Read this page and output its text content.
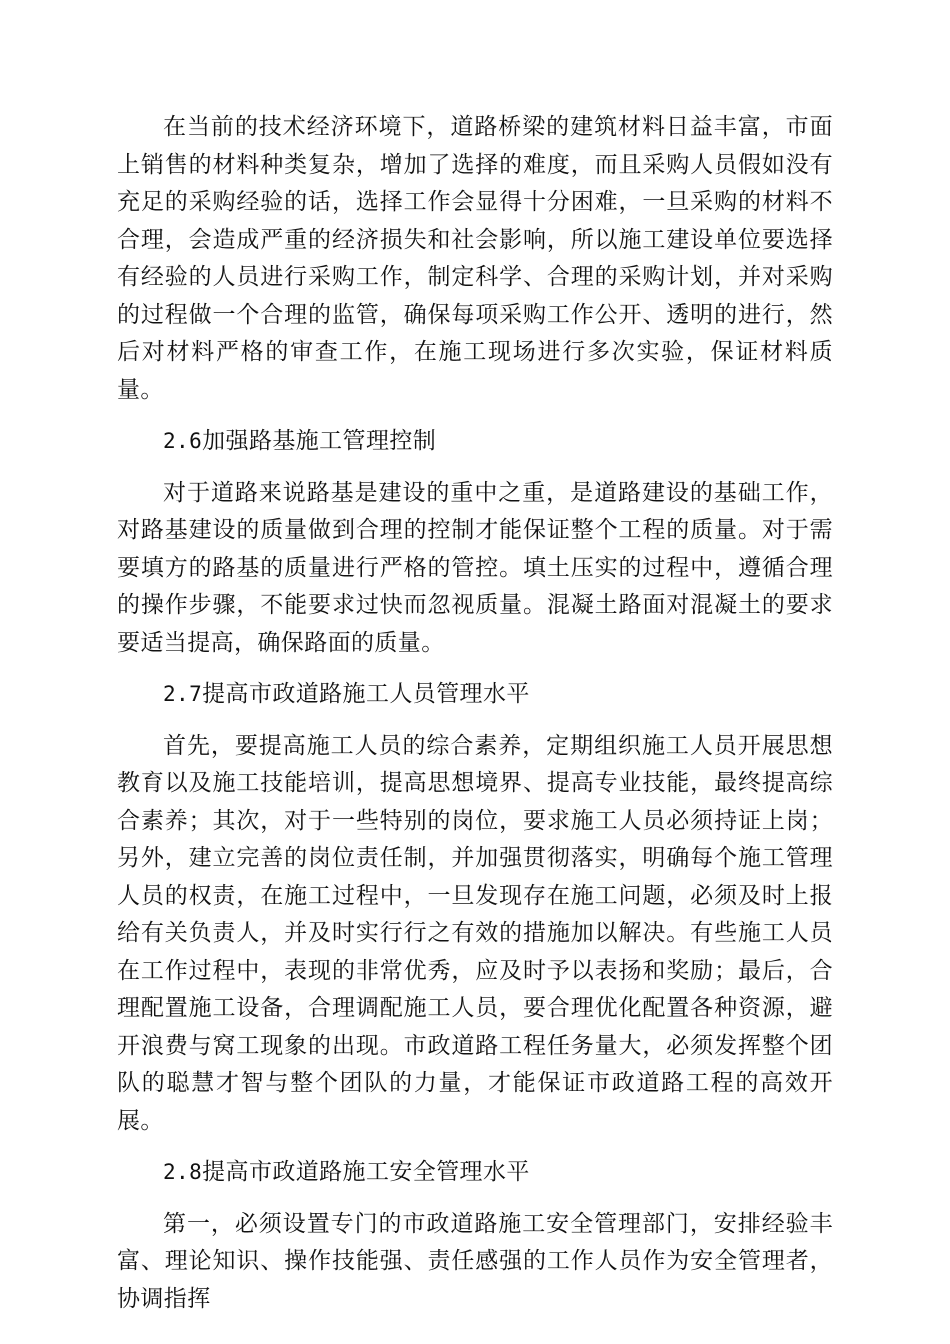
在当前的技术经济环境下，道路桥梁的建筑材料日益丰富，市面上销售的材料种类复杂，增加了选择的难度，而且采购人员假如没有充足的采购经验的话，选择工作会显得十分困难，一旦采购的材料不合理，会造成严重的经济损失和社会影响，所以施工建设单位要选择有经验的人员进行采购工作，制定科学、合理的采购计划，并对采购的过程做一个合理的监管，确保每项采购工作公开、透明的进行，然后对材料严格的审查工作，在施工现场进行多次实验，保证材料质量。

2.6加强路基施工管理控制

对于道路来说路基是建设的重中之重，是道路建设的基础工作，对路基建设的质量做到合理的控制才能保证整个工程的质量。对于需要填方的路基的质量进行严格的管控。填土压实的过程中，遵循合理的操作步骤，不能要求过快而忽视质量。混凝土路面对混凝土的要求要适当提高，确保路面的质量。

2.7提高市政道路施工人员管理水平

首先，要提高施工人员的综合素养，定期组织施工人员开展思想教育以及施工技能培训，提高思想境界、提高专业技能，最终提高综合素养；其次，对于一些特别的岗位，要求施工人员必须持证上岗；另外，建立完善的岗位责任制，并加强贯彻落实，明确每个施工管理人员的权责，在施工过程中，一旦发现存在施工问题，必须及时上报给有关负责人，并及时实行行之有效的措施加以解决。有些施工人员在工作过程中，表现的非常优秀，应及时予以表扬和奖励；最后，合理配置施工设备，合理调配施工人员，要合理优化配置各种资源，避开浪费与窝工现象的出现。市政道路工程任务量大，必须发挥整个团队的聪慧才智与整个团队的力量，才能保证市政道路工程的高效开展。

2.8提高市政道路施工安全管理水平

第一，必须设置专门的市政道路施工安全管理部门，安排经验丰富、理论知识、操作技能强、责任感强的工作人员作为安全管理者，协调指挥
